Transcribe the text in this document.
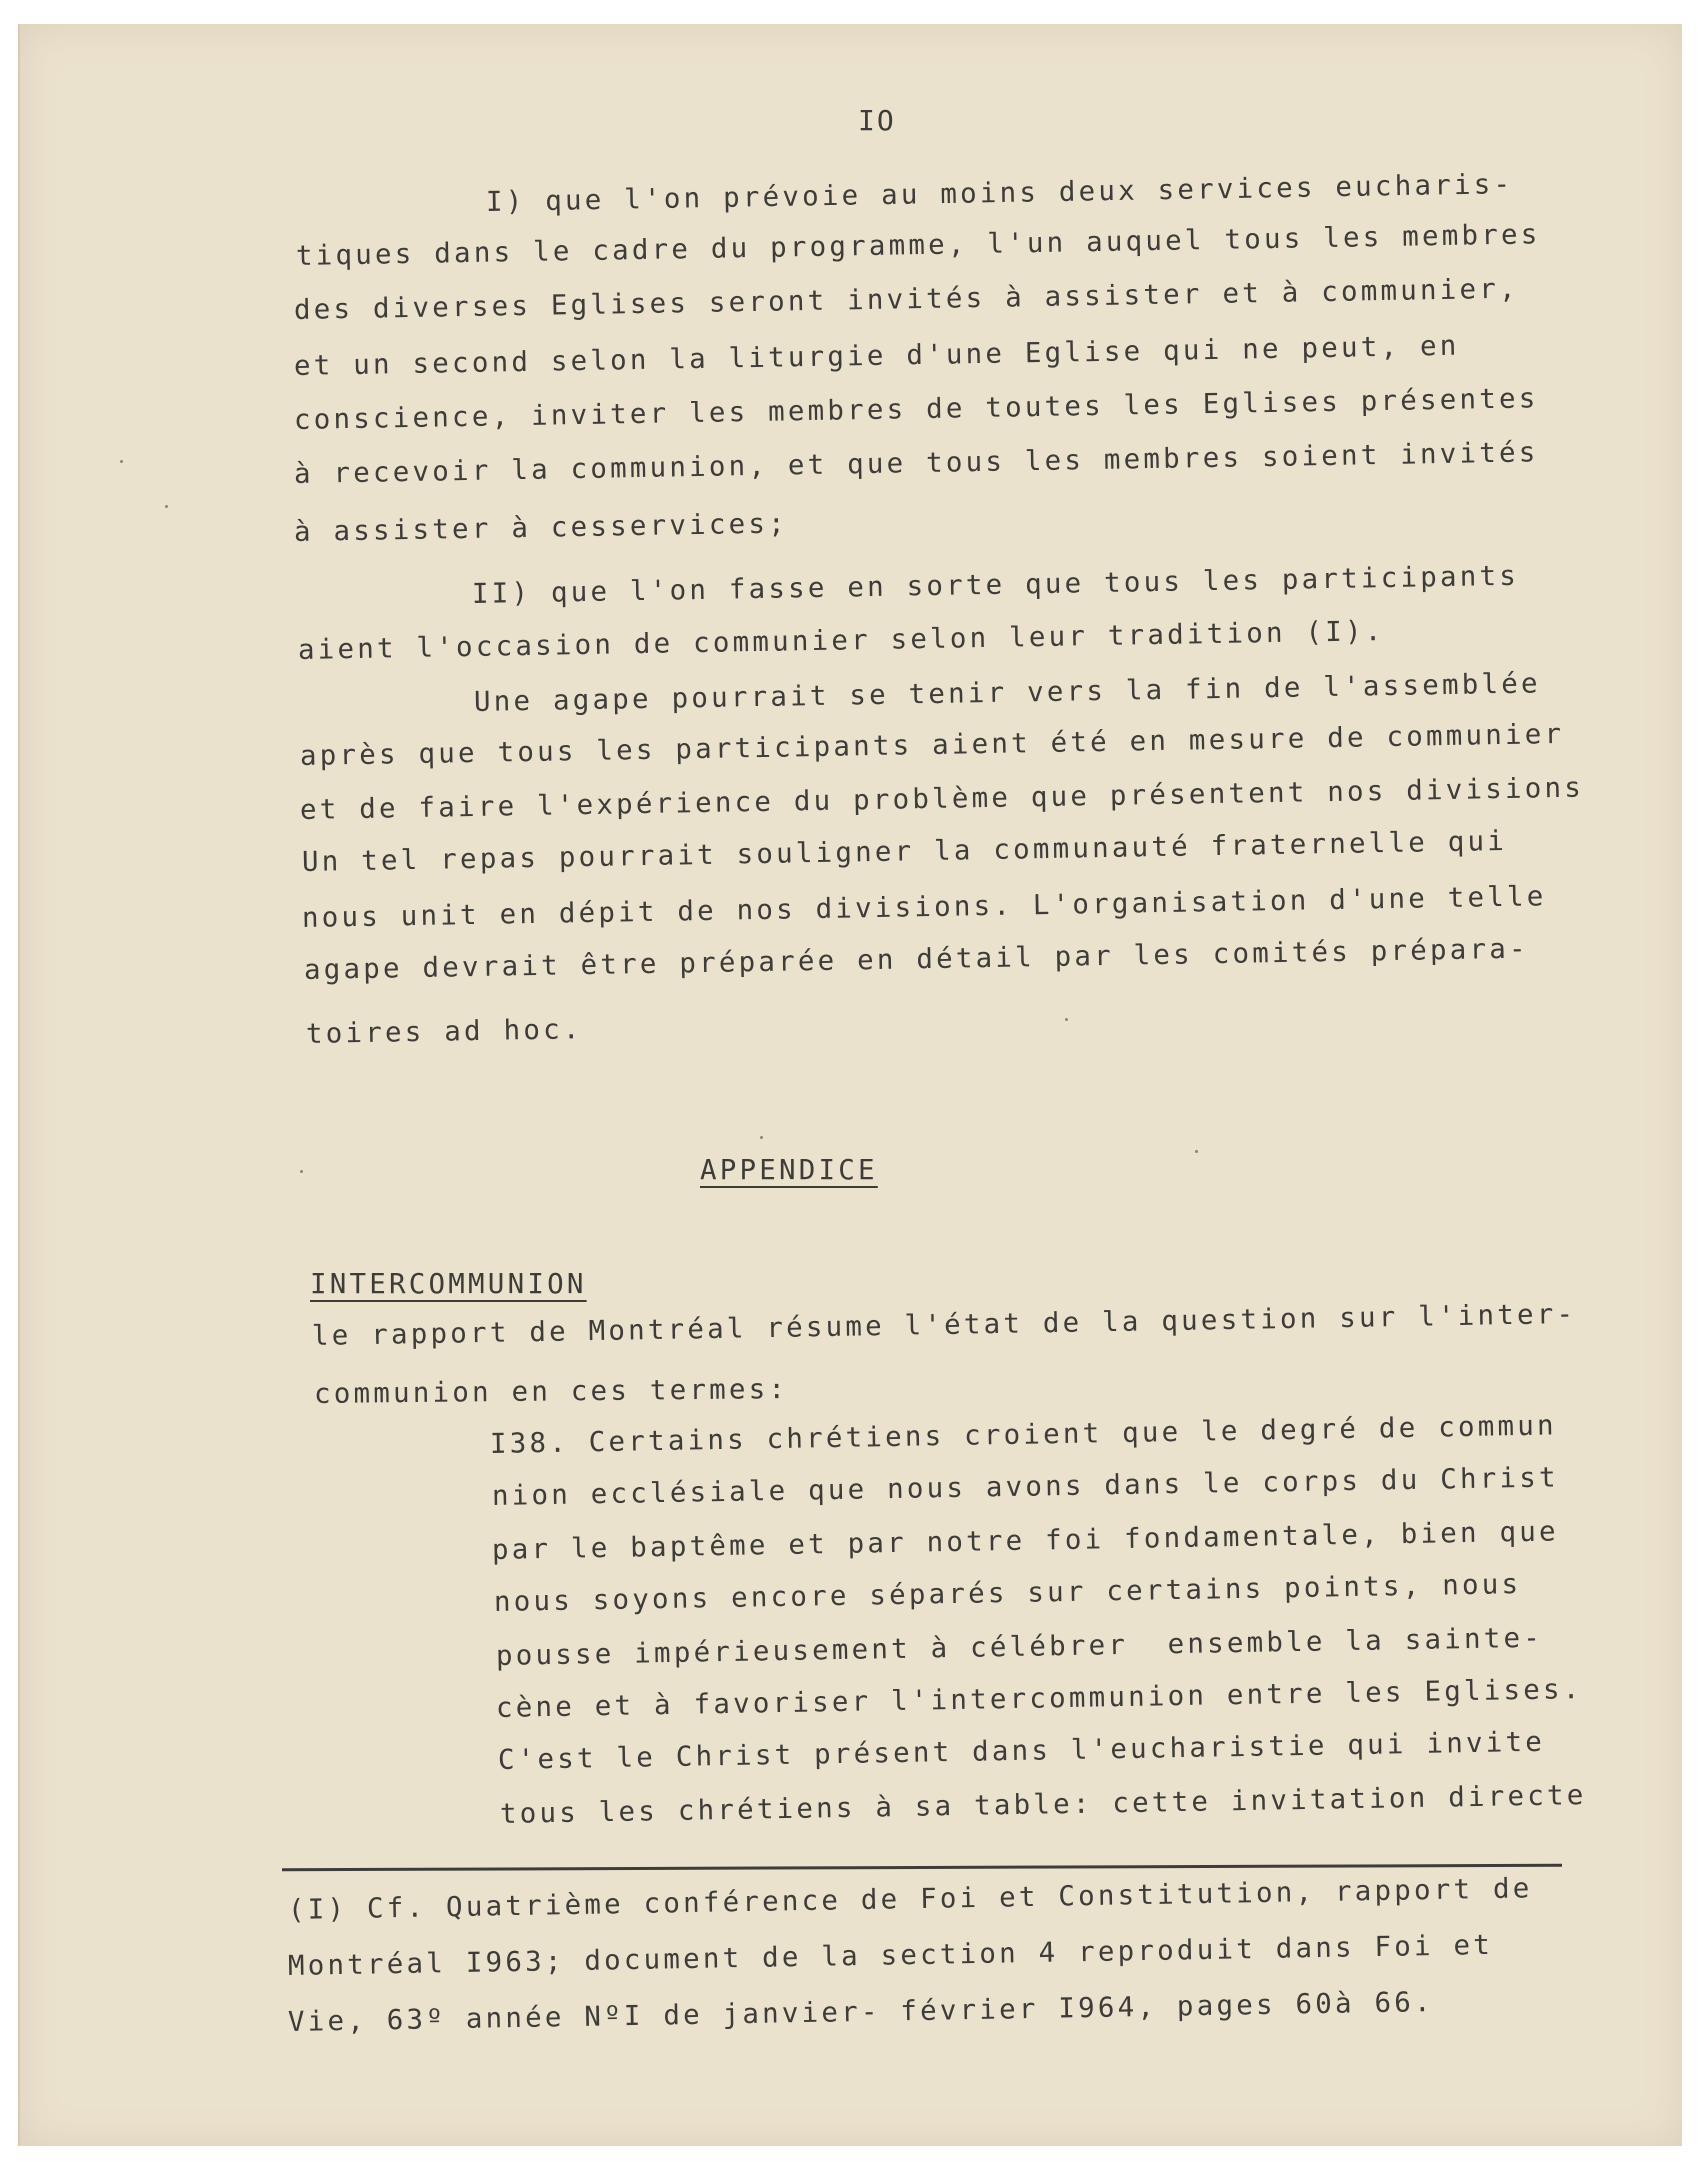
IO
I) que l'on prévoie au moins deux services eucharis-
tiques dans le cadre du programme, l'un auquel tous les membres
des diverses Eglises seront invités à assister et à communier,
et un second selon la liturgie d'une Eglise qui ne peut, en
conscience, inviter les membres de toutes les Eglises présentes
à recevoir la communion, et que tous les membres soient invités
à assister à cesservices;
II) que l'on fasse en sorte que tous les participants
aient l'occasion de communier selon leur tradition (I).
Une agape pourrait se tenir vers la fin de l'assemblée
après que tous les participants aient été en mesure de communier
et de faire l'expérience du problème que présentent nos divisions
Un tel repas pourrait souligner la communauté fraternelle qui
nous unit en dépit de nos divisions. L'organisation d'une telle
agape devrait être préparée en détail par les comités prépara-
toires ad hoc.
APPENDICE
INTERCOMMUNION
le rapport de Montréal résume l'état de la question sur l'inter-
communion en ces termes:
I38. Certains chrétiens croient que le degré de commun
nion ecclésiale que nous avons dans le corps du Christ
par le baptême et par notre foi fondamentale, bien que
nous soyons encore séparés sur certains points, nous
pousse impérieusement à célébrer  ensemble la sainte-
cène et à favoriser l'intercommunion entre les Eglises.
C'est le Christ présent dans l'eucharistie qui invite
tous les chrétiens à sa table: cette invitation directe
(I) Cf. Quatrième conférence de Foi et Constitution, rapport de
Montréal I963; document de la section 4 reproduit dans Foi et
Vie, 63º année NºI de janvier- février I964, pages 60à 66.
